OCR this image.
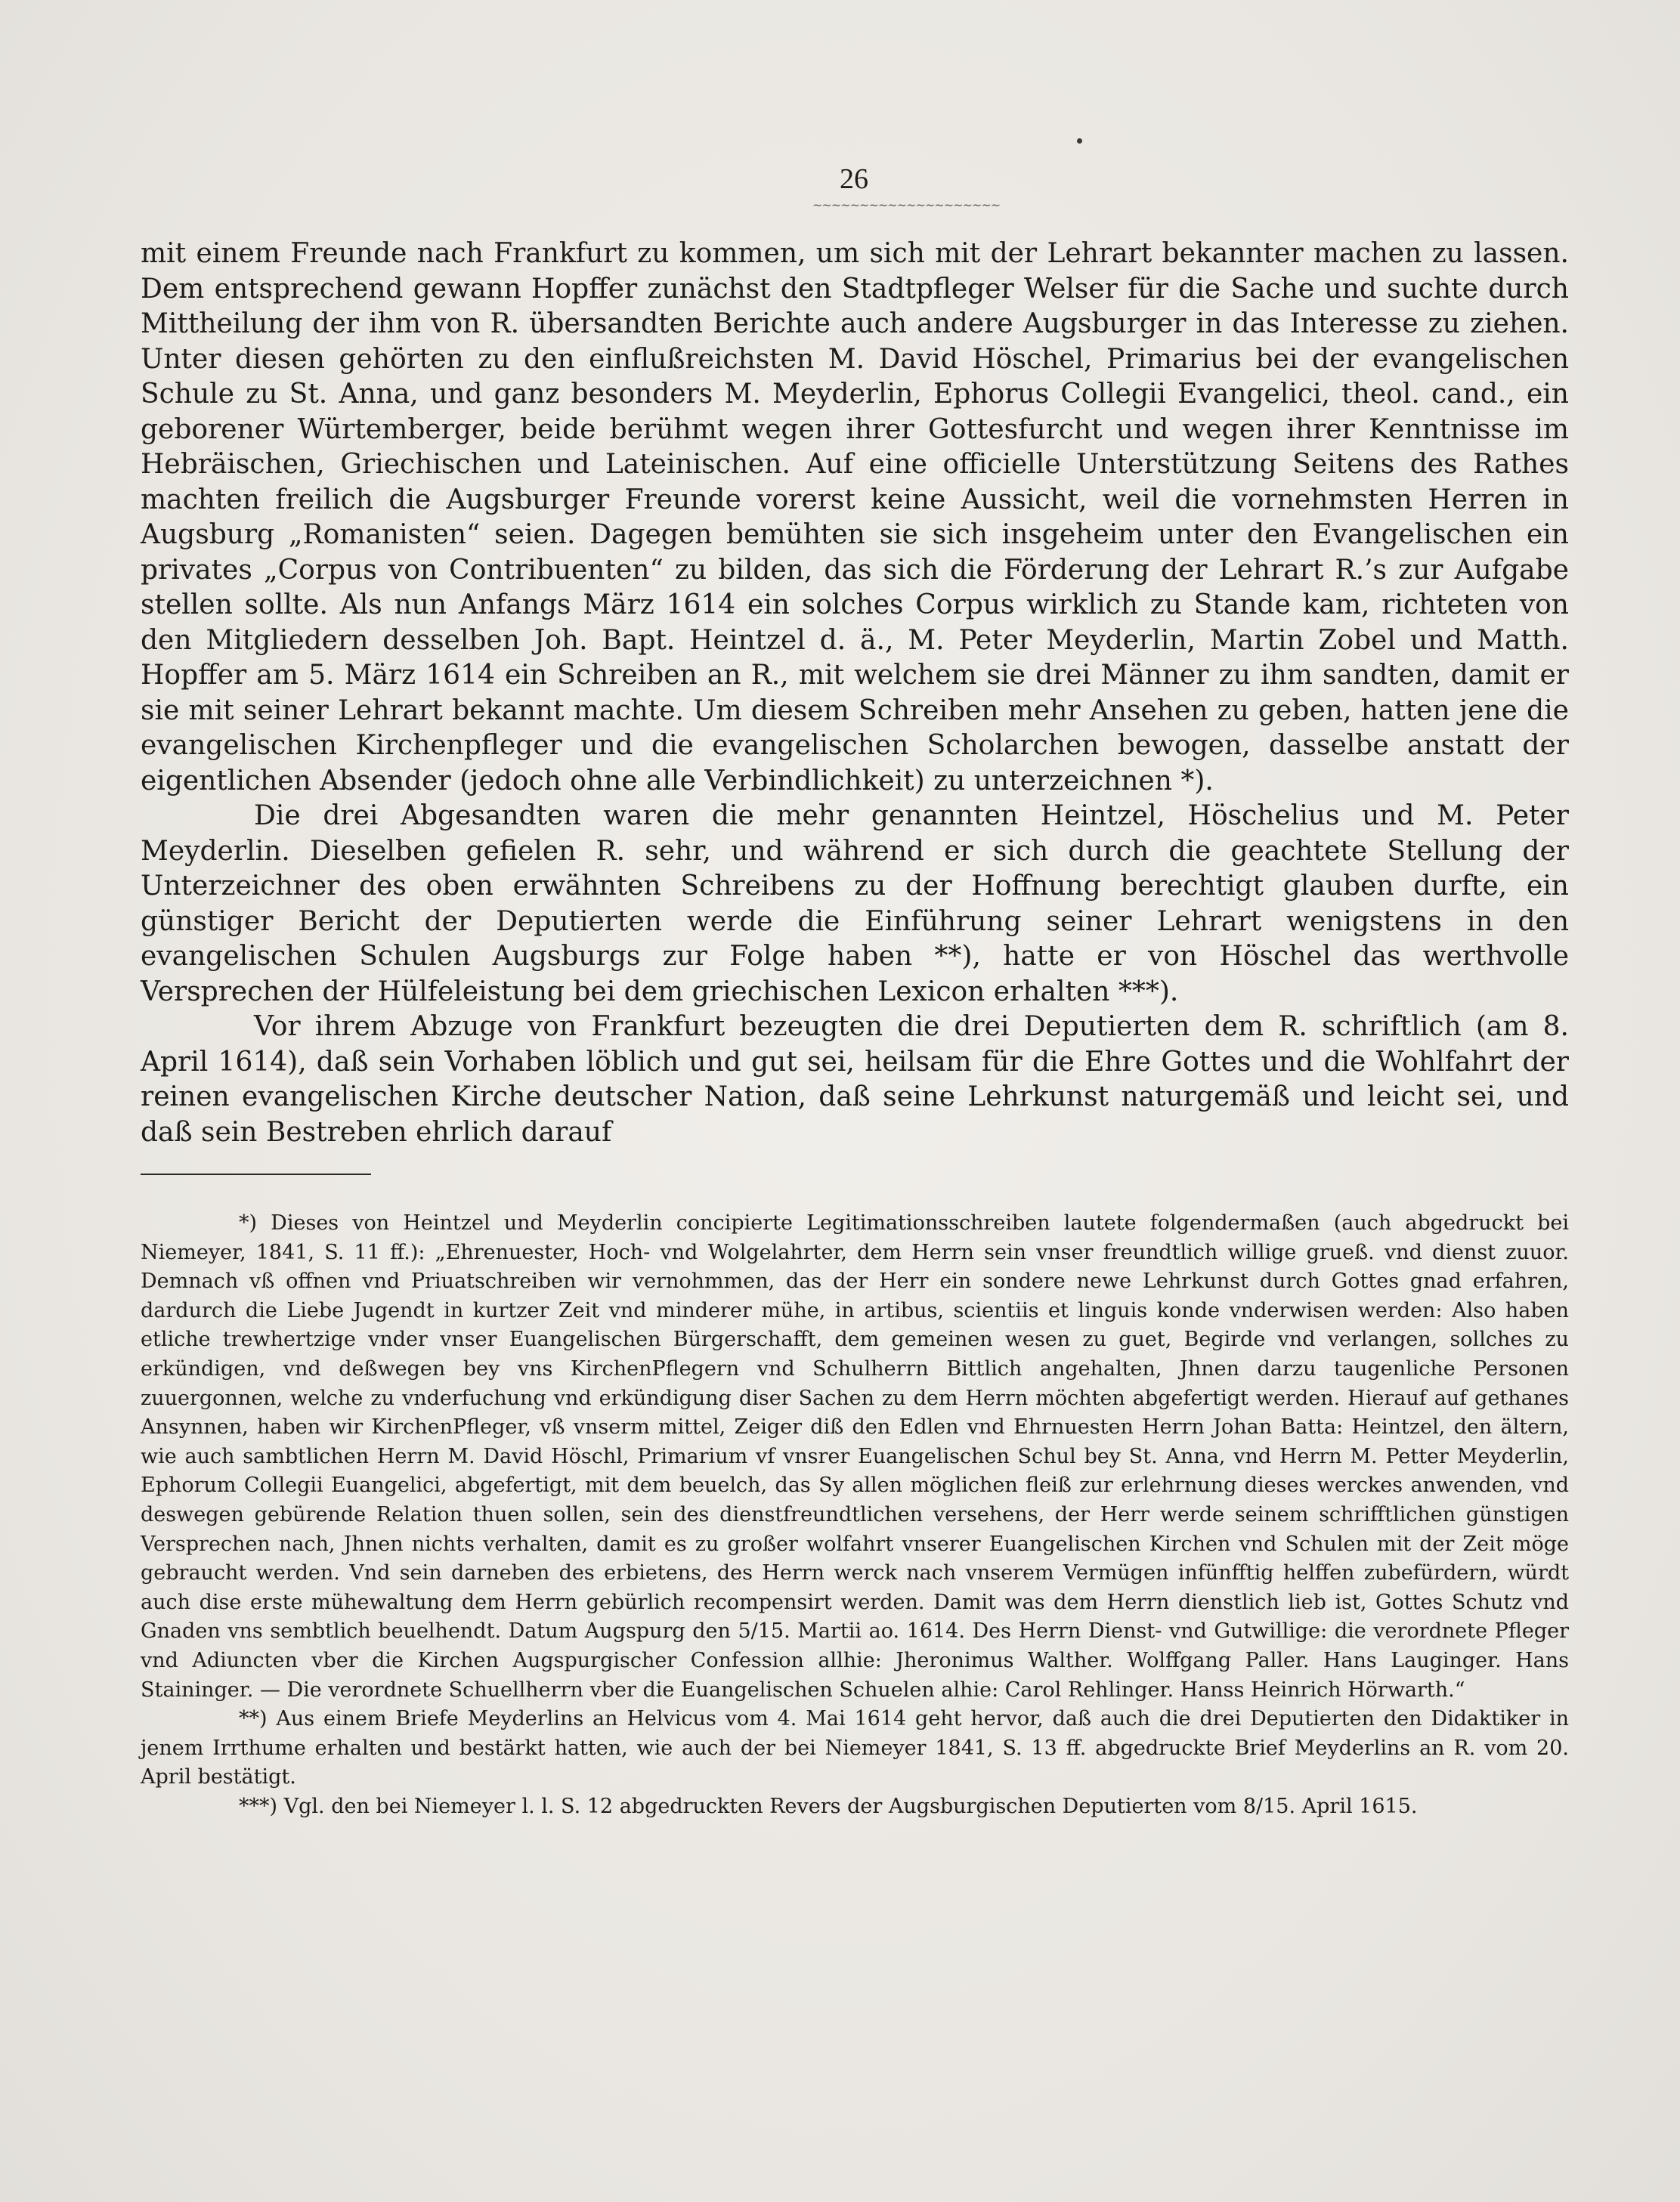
26
~~~~~~~~~~~~~~~~~~~~

mit einem Freunde nach Frankfurt zu kommen, um sich mit der Lehrart bekannter machen zu lassen. Dem entsprechend gewann Hopffer zunächst den Stadtpfleger Welser für die Sache und suchte durch Mittheilung der ihm von R. übersandten Berichte auch andere Augsburger in das Interesse zu ziehen. Unter diesen gehörten zu den einflußreichsten M. David Höschel, Primarius bei der evangelischen Schule zu St. Anna, und ganz besonders M. Meyderlin, Ephorus Collegii Evangelici, theol. cand., ein geborener Würtemberger, beide berühmt wegen ihrer Gottesfurcht und wegen ihrer Kenntnisse im Hebräischen, Griechischen und Lateinischen. Auf eine officielle Unterstützung Seitens des Rathes machten freilich die Augsburger Freunde vorerst keine Aussicht, weil die vornehmsten Herren in Augsburg „Romanisten“ seien. Dagegen bemühten sie sich insgeheim unter den Evangelischen ein privates „Corpus von Contribuenten“ zu bilden, das sich die Förderung der Lehrart R.’s zur Aufgabe stellen sollte. Als nun Anfangs März 1614 ein solches Corpus wirklich zu Stande kam, richteten von den Mitgliedern desselben Joh. Bapt. Heintzel d. ä., M. Peter Meyderlin, Martin Zobel und Matth. Hopffer am 5. März 1614 ein Schreiben an R., mit welchem sie drei Männer zu ihm sandten, damit er sie mit seiner Lehrart bekannt machte. Um diesem Schreiben mehr Ansehen zu geben, hatten jene die evangelischen Kirchenpfleger und die evangelischen Scholarchen bewogen, dasselbe anstatt der eigentlichen Absender (jedoch ohne alle Verbindlichkeit) zu unterzeichnen *).

Die drei Abgesandten waren die mehr genannten Heintzel, Höschelius und M. Peter Meyderlin. Dieselben gefielen R. sehr, und während er sich durch die geachtete Stellung der Unterzeichner des oben erwähnten Schreibens zu der Hoffnung berechtigt glauben durfte, ein günstiger Bericht der Deputierten werde die Einführung seiner Lehrart wenigstens in den evangelischen Schulen Augsburgs zur Folge haben **), hatte er von Höschel das werthvolle Versprechen der Hülfeleistung bei dem griechischen Lexicon erhalten ***).

Vor ihrem Abzuge von Frankfurt bezeugten die drei Deputierten dem R. schriftlich (am 8. April 1614), daß sein Vorhaben löblich und gut sei, heilsam für die Ehre Gottes und die Wohlfahrt der reinen evangelischen Kirche deutscher Nation, daß seine Lehrkunst naturgemäß und leicht sei, und daß sein Bestreben ehrlich darauf

*) Dieses von Heintzel und Meyderlin concipierte Legitimationsschreiben lautete folgendermaßen (auch abgedruckt bei Niemeyer, 1841, S. 11 ff.): „Ehrenuester, Hoch- vnd Wolgelahrter, dem Herrn sein vnser freundtlich willige grueß. vnd dienst zuuor. Demnach vß offnen vnd Priuatschreiben wir vernohmmen, das der Herr ein sondere newe Lehrkunst durch Gottes gnad erfahren, dardurch die Liebe Jugendt in kurtzer Zeit vnd minderer mühe, in artibus, scientiis et linguis konde vnderwisen werden: Also haben etliche trewhertzige vnder vnser Euangelischen Bürgerschafft, dem gemeinen wesen zu guet, Begirde vnd verlangen, sollches zu erkündigen, vnd deßwegen bey vns KirchenPflegern vnd Schulherrn Bittlich angehalten, Jhnen darzu taugenliche Personen zuuergonnen, welche zu vnderfuchung vnd erkündigung diser Sachen zu dem Herrn möchten abgefertigt werden. Hierauf auf gethanes Ansynnen, haben wir KirchenPfleger, vß vnserm mittel, Zeiger diß den Edlen vnd Ehrnuesten Herrn Johan Batta: Heintzel, den ältern, wie auch sambtlichen Herrn M. David Höschl, Primarium vf vnsrer Euangelischen Schul bey St. Anna, vnd Herrn M. Petter Meyderlin, Ephorum Collegii Euangelici, abgefertigt, mit dem beuelch, das Sy allen möglichen fleiß zur erlehrnung dieses werckes anwenden, vnd deswegen gebürende Relation thuen sollen, sein des dienstfreundtlichen versehens, der Herr werde seinem schrifftlichen günstigen Versprechen nach, Jhnen nichts verhalten, damit es zu großer wolfahrt vnserer Euangelischen Kirchen vnd Schulen mit der Zeit möge gebraucht werden. Vnd sein darneben des erbietens, des Herrn werck nach vnserem Vermügen infünfftig helffen zubefürdern, würdt auch dise erste mühewaltung dem Herrn gebürlich recompensirt werden. Damit was dem Herrn dienstlich lieb ist, Gottes Schutz vnd Gnaden vns sembtlich beuelhendt. Datum Augspurg den 5/15. Martii ao. 1614. Des Herrn Dienst- vnd Gutwillige: die verordnete Pfleger vnd Adiuncten vber die Kirchen Augspurgischer Confession allhie: Jheronimus Walther. Wolffgang Paller. Hans Lauginger. Hans Staininger. — Die verordnete Schuellherrn vber die Euangelischen Schuelen alhie: Carol Rehlinger. Hanss Heinrich Hörwarth.“

**) Aus einem Briefe Meyderlins an Helvicus vom 4. Mai 1614 geht hervor, daß auch die drei Deputierten den Didaktiker in jenem Irrthume erhalten und bestärkt hatten, wie auch der bei Niemeyer 1841, S. 13 ff. abgedruckte Brief Meyderlins an R. vom 20. April bestätigt.

***) Vgl. den bei Niemeyer l. l. S. 12 abgedruckten Revers der Augsburgischen Deputierten vom 8/15. April 1615.
